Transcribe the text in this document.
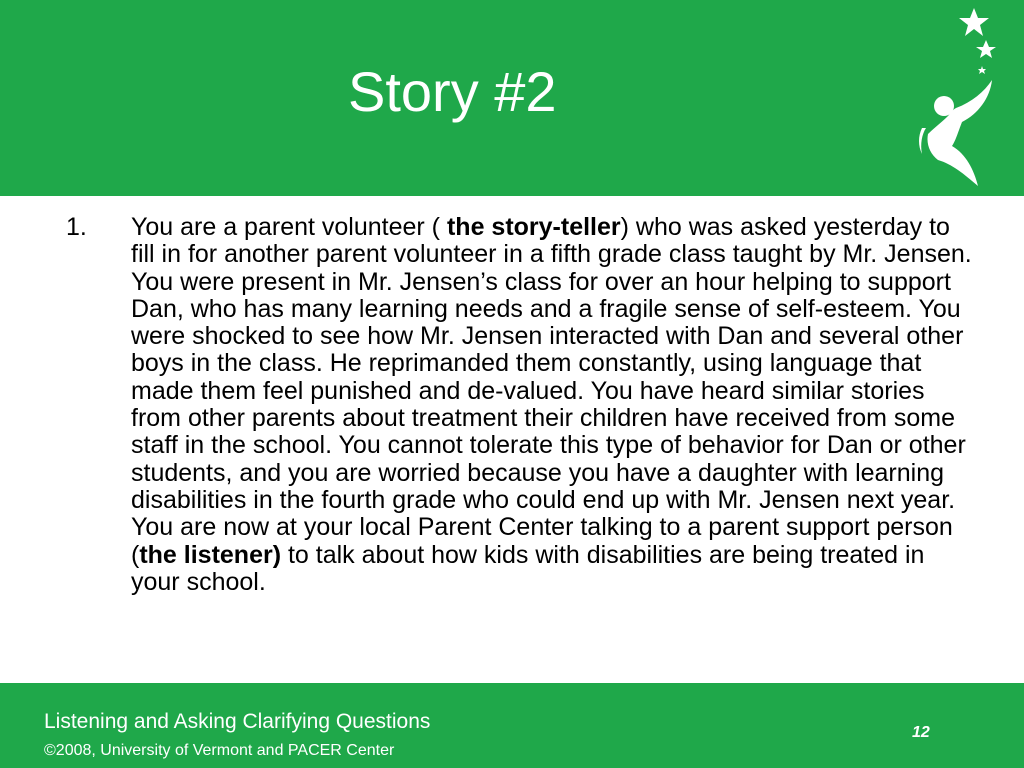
Story #2
1. You are a parent volunteer ( the story-teller) who was asked yesterday to fill in for another parent volunteer in a fifth grade class taught by Mr. Jensen. You were present in Mr. Jensen’s class for over an hour helping to support Dan, who has many learning needs and a fragile sense of self-esteem. You were shocked to see how Mr. Jensen interacted with Dan and several other boys in the class. He reprimanded them constantly, using language that made them feel punished and de-valued. You have heard similar stories from other parents about treatment their children have received from some staff in the school. You cannot tolerate this type of behavior for Dan or other students, and you are worried because you have a daughter with learning disabilities in the fourth grade who could end up with Mr. Jensen next year. You are now at your local Parent Center talking to a parent support person (the listener) to talk about how kids with disabilities are being treated in your school.
Listening and Asking Clarifying Questions
©2008, University of Vermont and PACER Center
12
